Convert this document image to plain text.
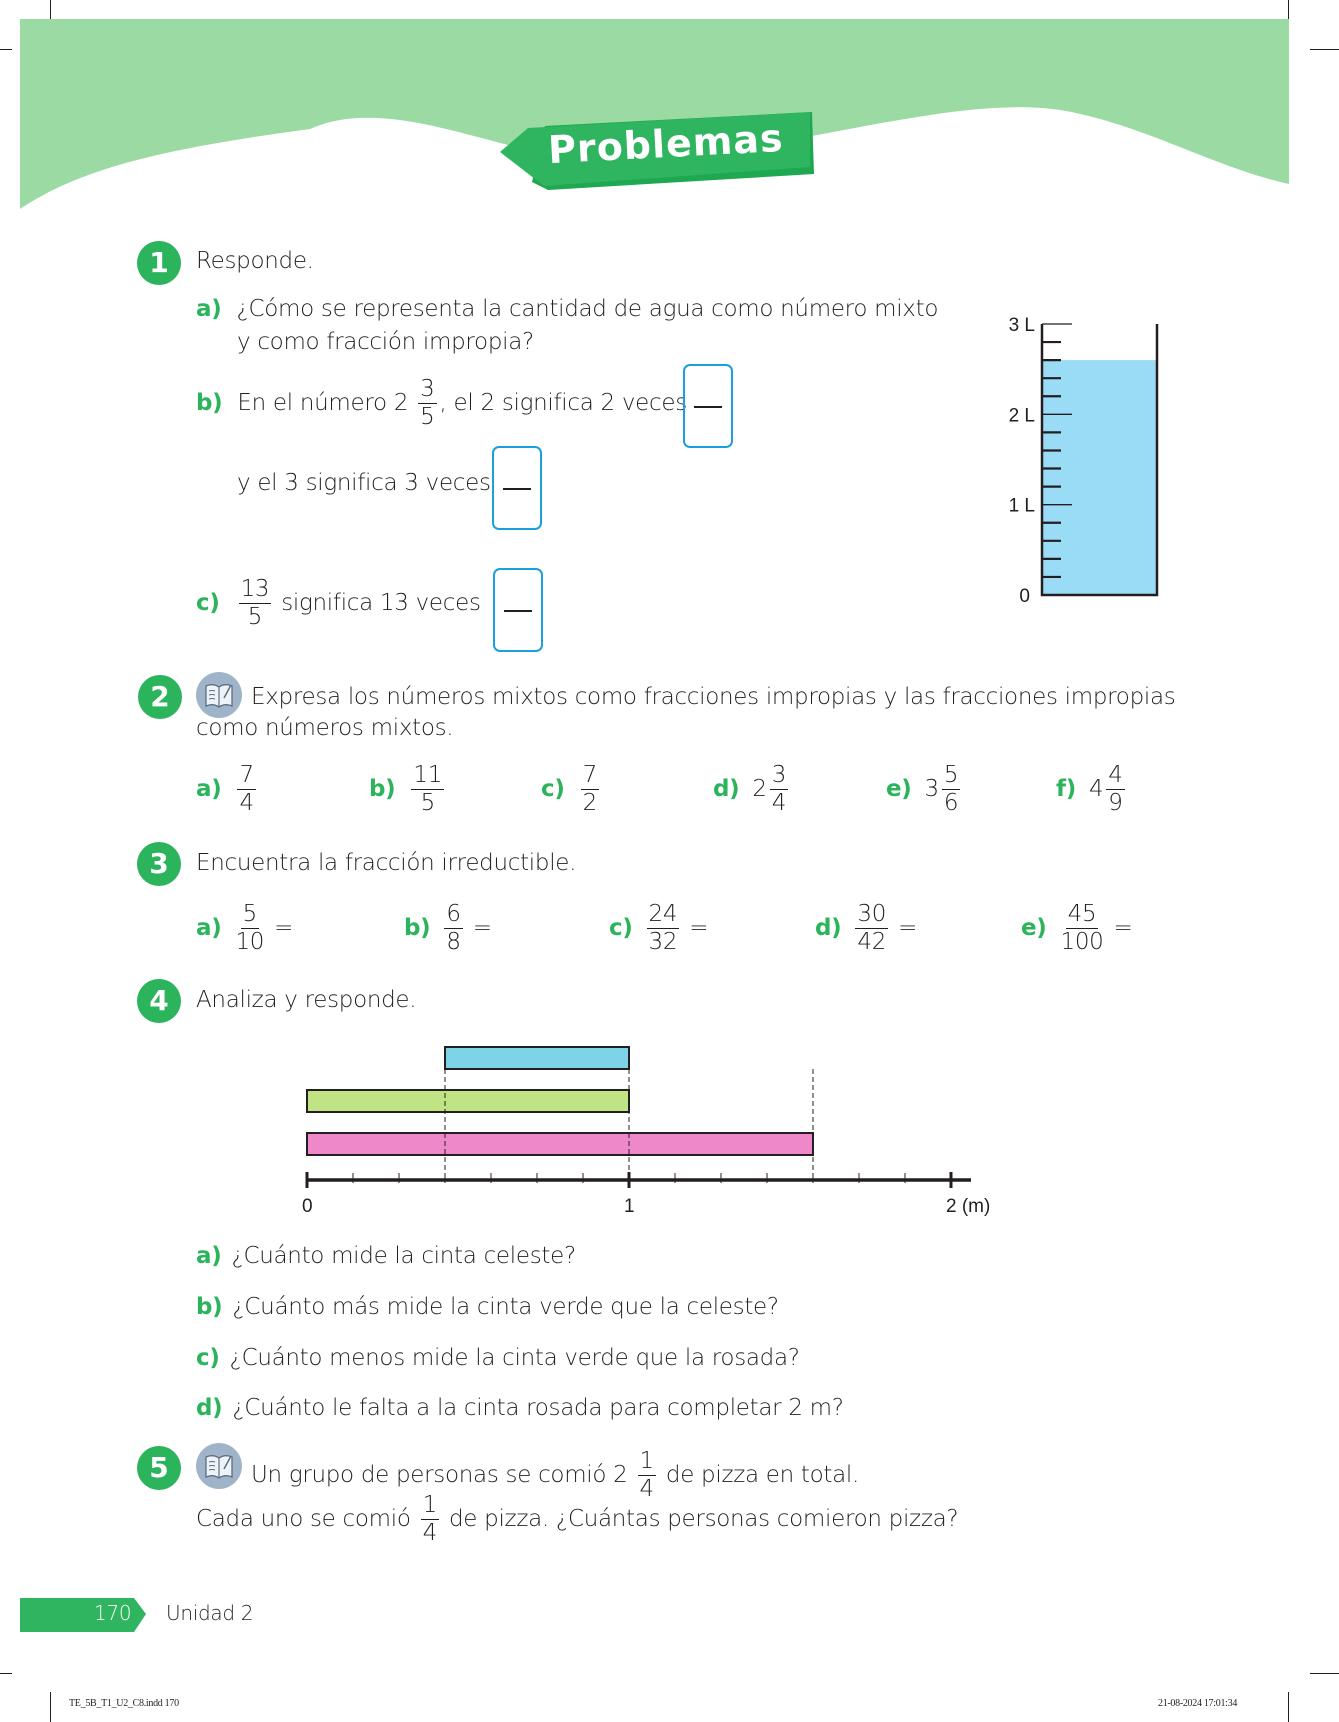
Problemas
1	Responde.
a) ¿Cómo se representa la cantidad de agua como número mixto
y como fracción impropia?
b) En el número $2 \frac{3}{5}$ , el 2 significa 2 veces
y el 3 significa 3 veces
$c) \frac{13}{5}$ significa 13 veces
3 L
2 L
1 L
0
2	Expresa los números mixtos como fracciones impropias y las fracciones impropias
como números mixtos.
$a) \frac{7}{4}$	$b) \frac{11}{5}$	$c) \frac{7}{2}$	d) $2 \frac{3}{4}$	e) $3 \frac{5}{6}$	f) $4 \frac{4}{9}$
3	Encuentra la fracción irreductible.
$a) \frac{5}{10}$ =	$b) \frac{6}{8}$ =	$c) \frac{24}{32}$ =	$d) \frac{30}{42}$ =	$e) \frac{45}{100}$ =
4	Analiza y responde.
0	1	2 (m)
a) ¿Cuánto mide la cinta celeste?
b) ¿Cuánto más mide la cinta verde que la celeste?
c) ¿Cuánto menos mide la cinta verde que la rosada?
d) ¿Cuánto le falta a la cinta rosada para completar 2 m?
5	Un grupo de personas se comió $2 \frac{1}{4}$ de pizza en total.
Cada uno se comió $\frac{1}{4}$ de pizza. ¿Cuántas personas comieron pizza?
170 Unidad 2
TE_5B_T1_U2_C8.indd 170	21-08-2024 17:01:34
